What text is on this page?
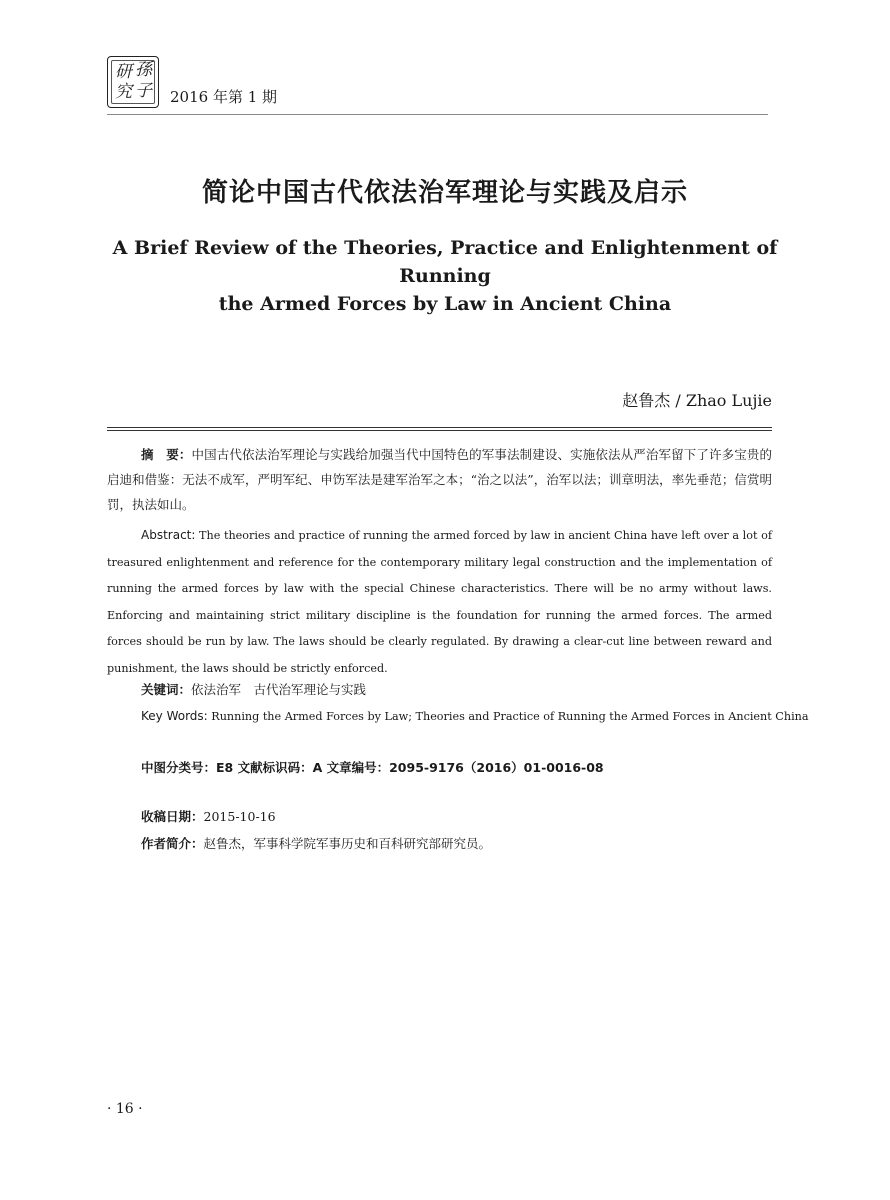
研 孫
究 子 2016 年第 1 期
简论中国古代依法治军理论与实践及启示
A Brief Review of the Theories, Practice and Enlightenment of Running
the Armed Forces by Law in Ancient China
赵鲁杰 / Zhao Lujie
摘　要：中国古代依法治军理论与实践给加强当代中国特色的军事法制建设、实施依法从严治军留下了许多宝贵的启迪和借鉴：无法不成军，严明军纪、申饬军法是建军治军之本；“治之以法”，治军以法；训章明法，率先垂范；信赏明罚，执法如山。
Abstract: The theories and practice of running the armed forced by law in ancient China have left over a lot of treasured enlightenment and reference for the contemporary military legal construction and the implementation of running the armed forces by law with the special Chinese characteristics. There will be no army without laws. Enforcing and maintaining strict military discipline is the foundation for running the armed forces. The armed forces should be run by law. The laws should be clearly regulated. By drawing a clear-cut line between reward and punishment, the laws should be strictly enforced.
关键词：依法治军　古代治军理论与实践
Key Words: Running the Armed Forces by Law; Theories and Practice of Running the Armed Forces in Ancient China
中图分类号：E8 文献标识码：A 文章编号：2095-9176（2016）01-0016-08
收稿日期：2015-10-16
作者简介：赵鲁杰，军事科学院军事历史和百科研究部研究员。
· 16 ·
